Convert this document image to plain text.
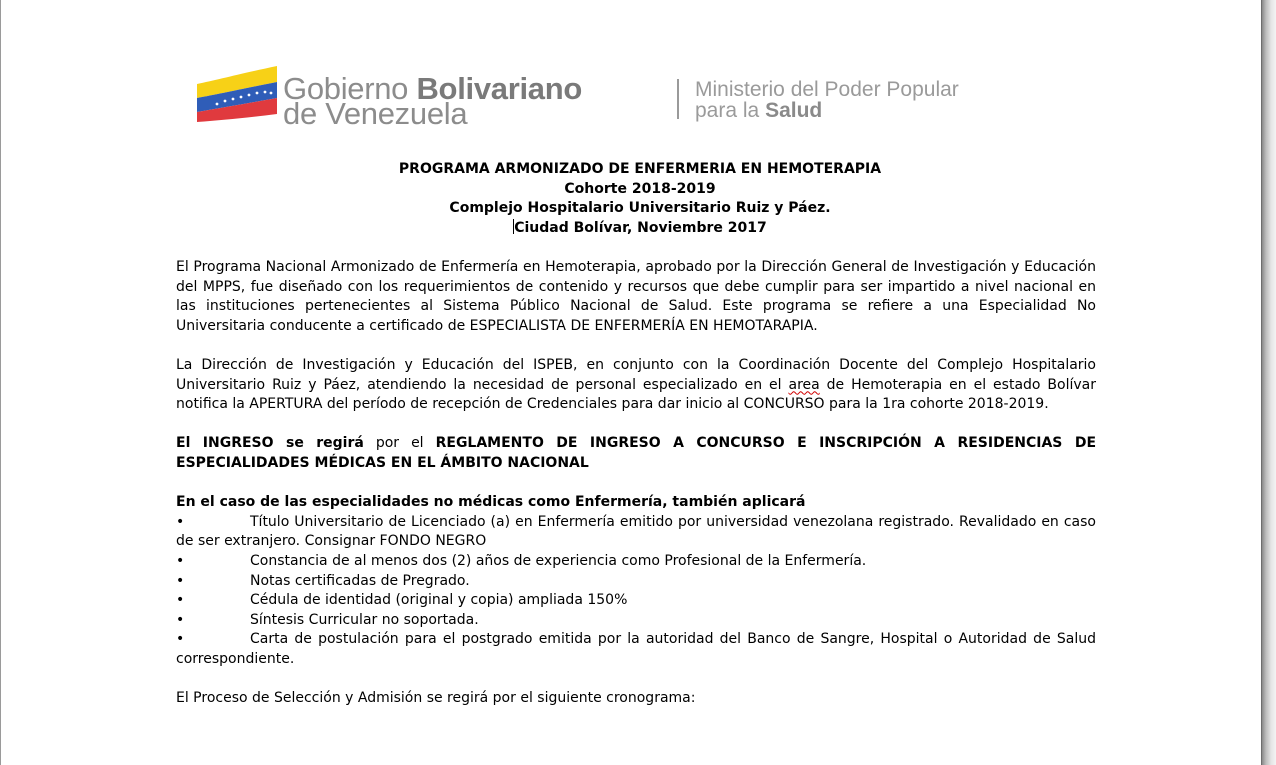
Gobierno Bolivariano
de Venezuela
Ministerio del Poder Popular
para la Salud
PROGRAMA ARMONIZADO DE ENFERMERIA EN HEMOTERAPIA
Cohorte 2018-2019
Complejo Hospitalario Universitario Ruiz y Páez.
Ciudad Bolívar, Noviembre 2017

El Programa Nacional Armonizado de Enfermería en Hemoterapia, aprobado por la Dirección General de Investigación y Educación del MPPS, fue diseñado con los requerimientos de contenido y recursos que debe cumplir para ser impartido a nivel nacional en las instituciones pertenecientes al Sistema Público Nacional de Salud. Este programa se refiere a una Especialidad No Universitaria conducente a certificado de ESPECIALISTA DE ENFERMERÍA EN HEMOTARAPIA.

La Dirección de Investigación y Educación del ISPEB, en conjunto con la Coordinación Docente del Complejo Hospitalario Universitario Ruiz y Páez, atendiendo la necesidad de personal especializado en el area de Hemoterapia en el estado Bolívar notifica la APERTURA del período de recepción de Credenciales para dar inicio al CONCURSO para la 1ra cohorte 2018-2019.

El INGRESO se regirá por el REGLAMENTO DE INGRESO A CONCURSO E INSCRIPCIÓN A RESIDENCIAS DE ESPECIALIDADES MÉDICAS EN EL ÁMBITO NACIONAL

En el caso de las especialidades no médicas como Enfermería, también aplicará

•	Título Universitario de Licenciado (a) en Enfermería emitido por universidad venezolana registrado. Revalidado en caso de ser extranjero. Consignar FONDO NEGRO

•	Constancia de al menos dos (2) años de experiencia como Profesional de la Enfermería.

•	Notas certificadas de Pregrado.

•	Cédula de identidad (original y copia) ampliada 150%

•	Síntesis Curricular no soportada.

•	Carta de postulación para el postgrado emitida por la autoridad del Banco de Sangre, Hospital o Autoridad de Salud correspondiente.

El Proceso de Selección y Admisión se regirá por el siguiente cronograma:
